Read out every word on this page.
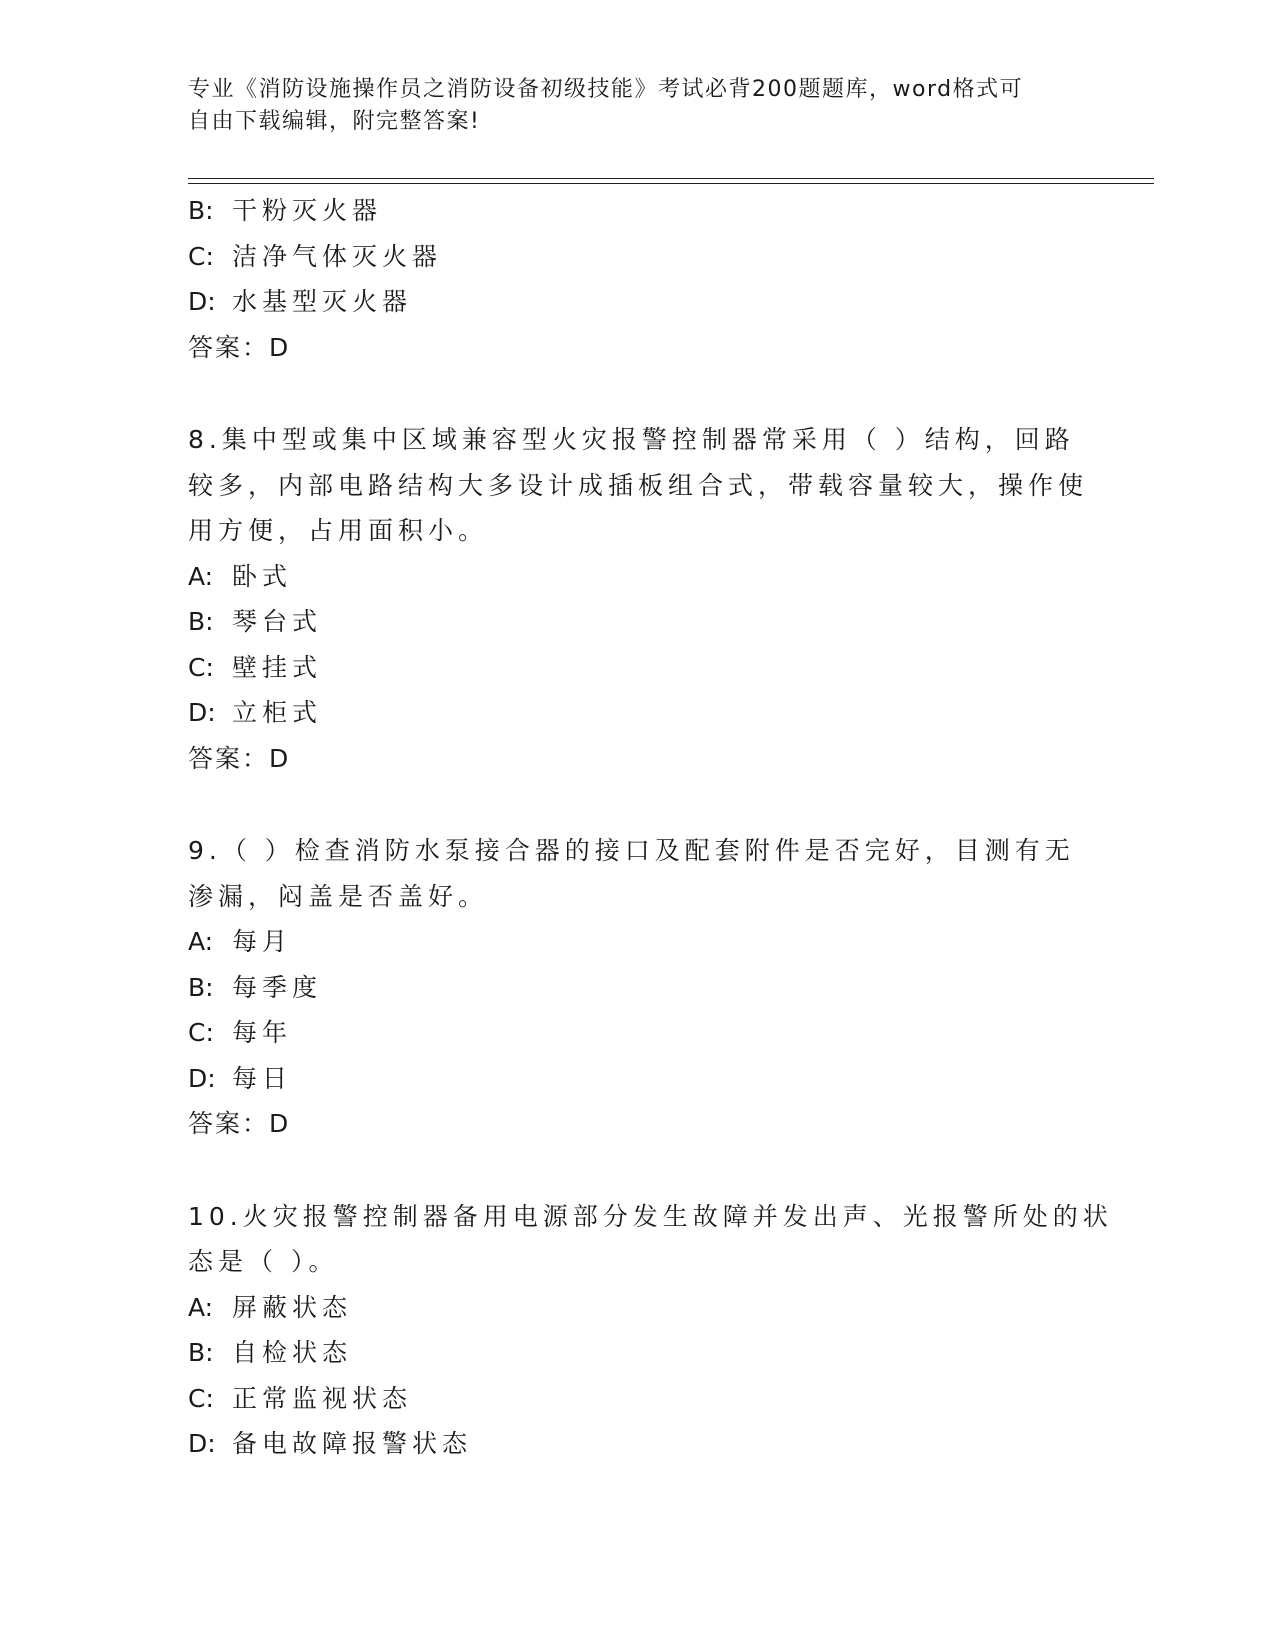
专业《消防设施操作员之消防设备初级技能》考试必背200题题库，word格式可
自由下载编辑，附完整答案!
B: 干粉灭火器
C: 洁净气体灭火器
D: 水基型灭火器
答案：D
8.集中型或集中区域兼容型火灾报警控制器常采用（ ）结构，回路
较多，内部电路结构大多设计成插板组合式，带载容量较大，操作使
用方便，占用面积小。
A: 卧式
B: 琴台式
C: 壁挂式
D: 立柜式
答案：D
9.（ ）检查消防水泵接合器的接口及配套附件是否完好，目测有无
渗漏，闷盖是否盖好。
A: 每月
B: 每季度
C: 每年
D: 每日
答案：D
10.火灾报警控制器备用电源部分发生故障并发出声、光报警所处的状
态是（ ）。
A: 屏蔽状态
B: 自检状态
C: 正常监视状态
D: 备电故障报警状态
